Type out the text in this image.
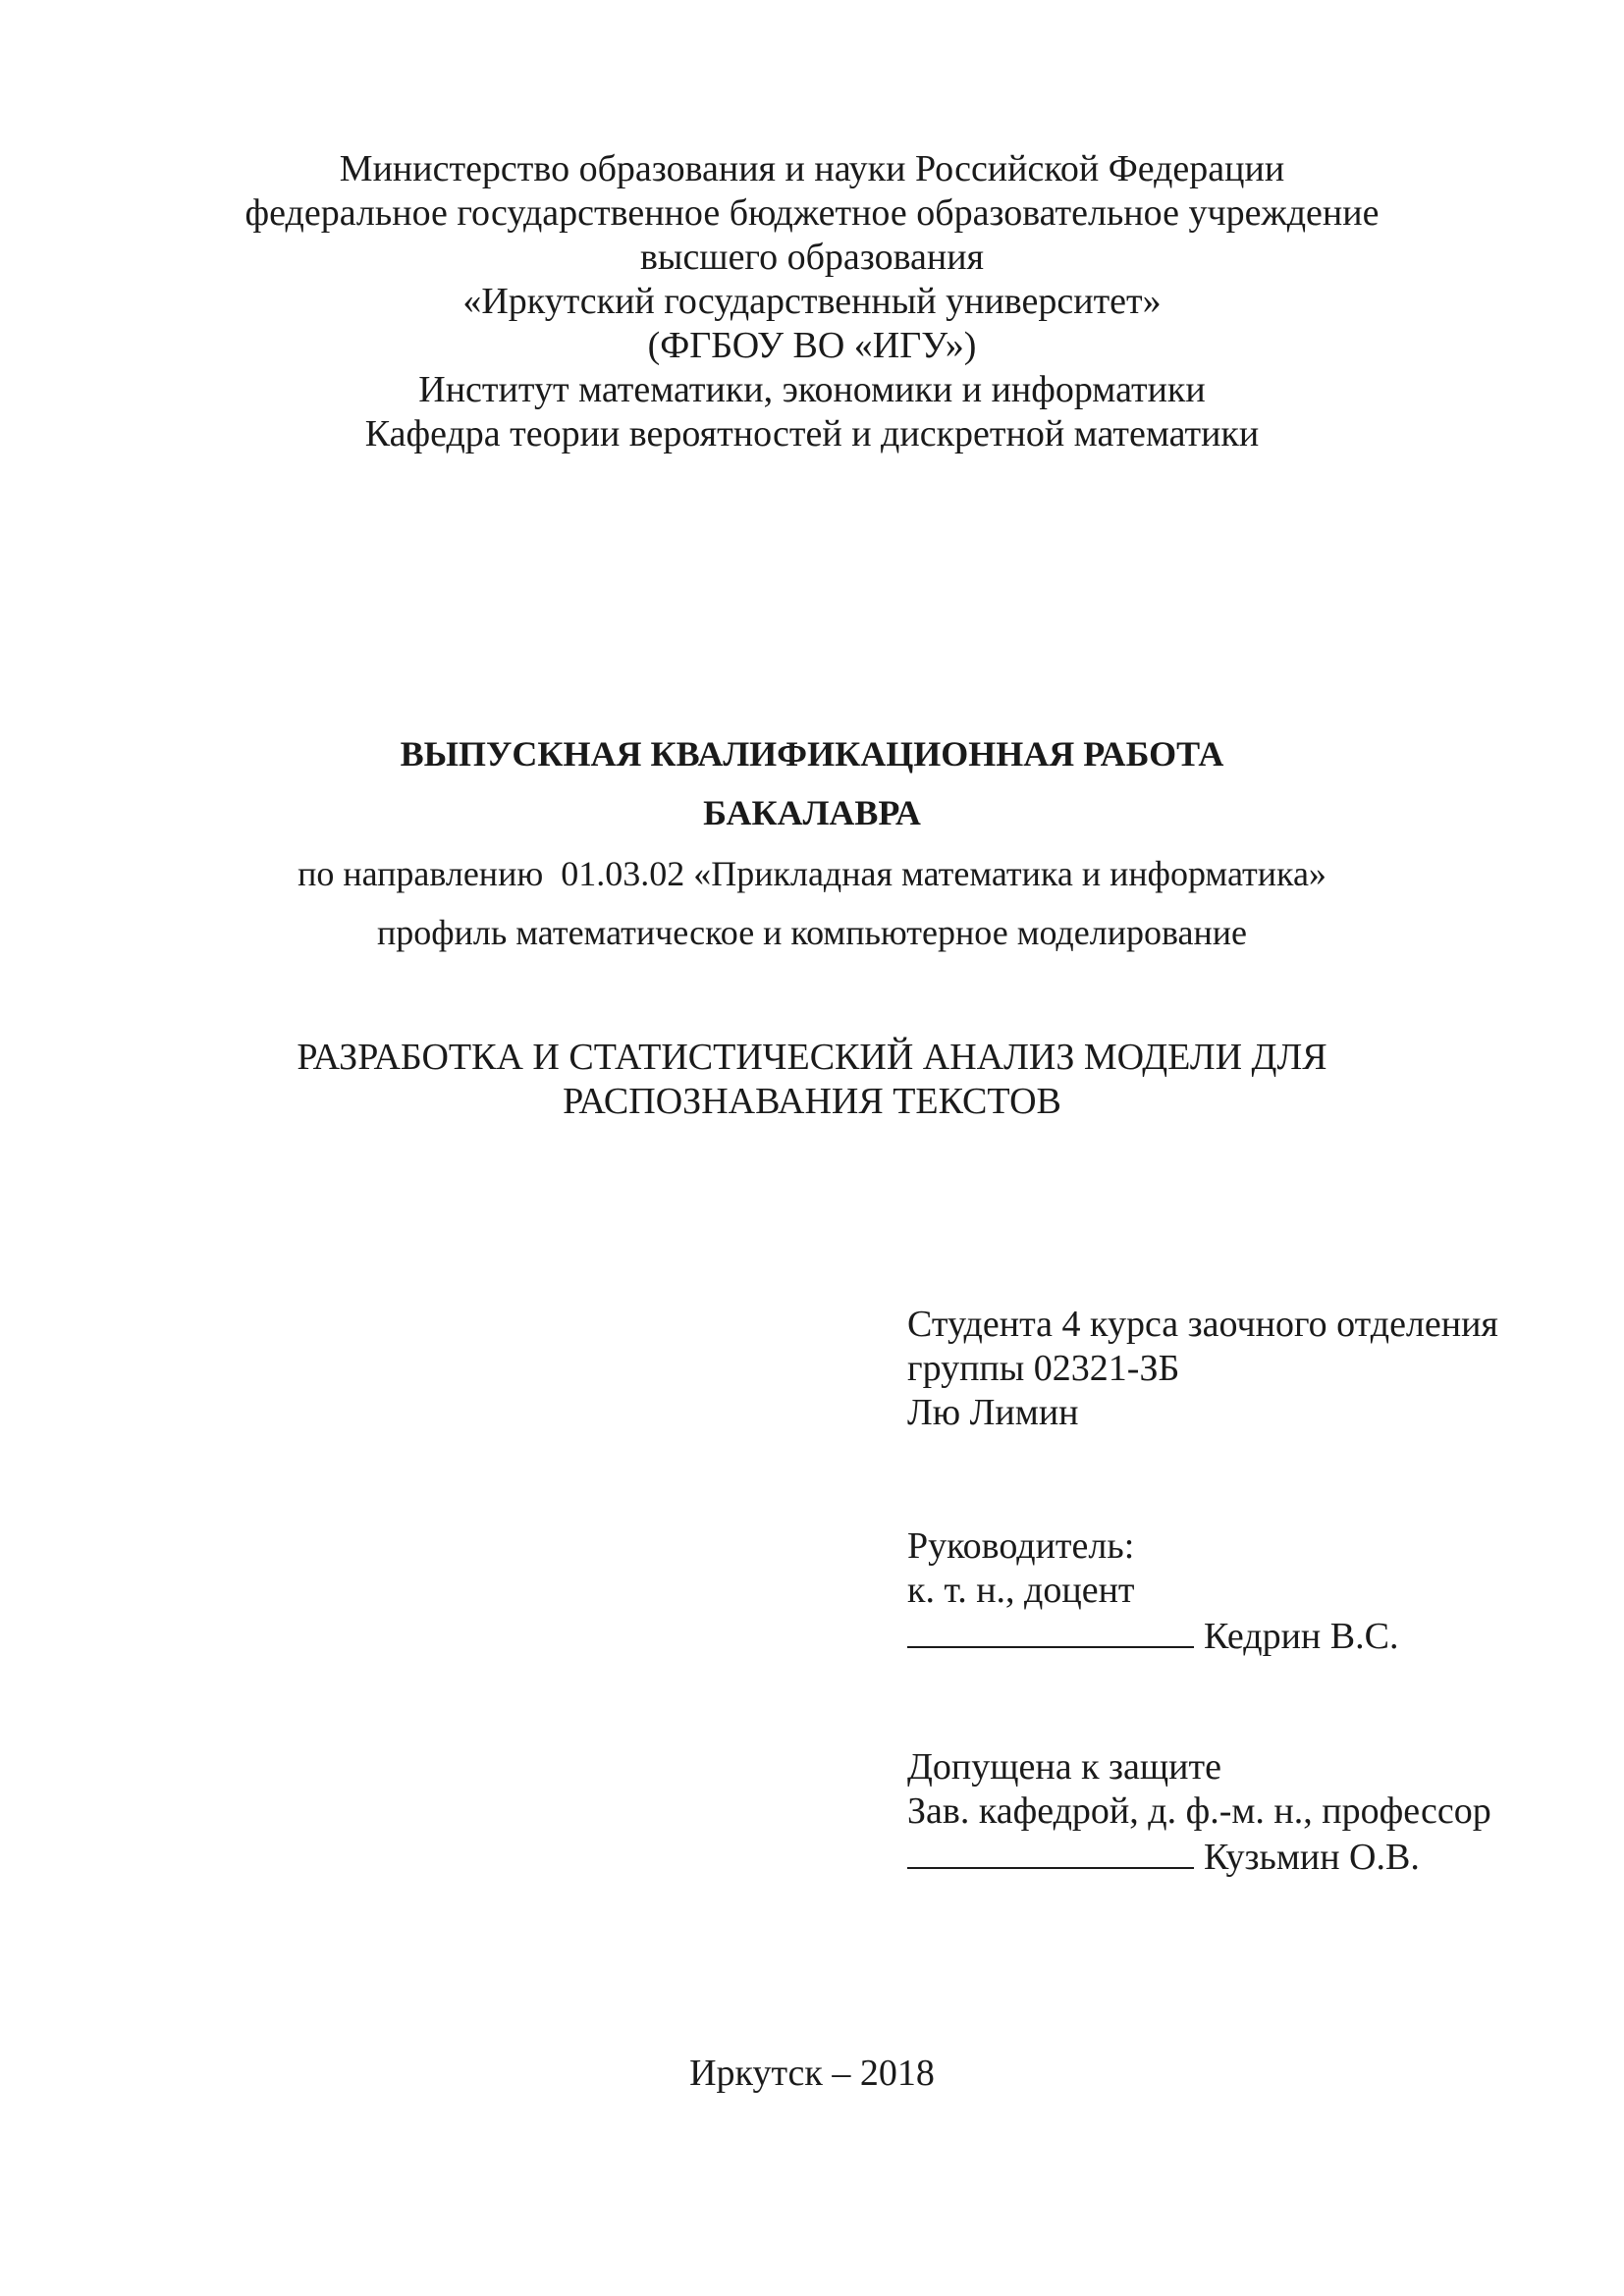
Министерство образования и науки Российской Федерации
федеральное государственное бюджетное образовательное учреждение
высшего образования
«Иркутский государственный университет»
(ФГБОУ ВО «ИГУ»)
Институт математики, экономики и информатики
Кафедра теории вероятностей и дискретной математики
ВЫПУСКНАЯ КВАЛИФИКАЦИОННАЯ РАБОТА
БАКАЛАВРА
по направлению  01.03.02 «Прикладная математика и информатика»
профиль математическое и компьютерное моделирование
РАЗРАБОТКА И СТАТИСТИЧЕСКИЙ АНАЛИЗ МОДЕЛИ ДЛЯ
РАСПОЗНАВАНИЯ ТЕКСТОВ
Студента 4 курса заочного отделения
группы 02321-ЗБ
Лю Лимин
Руководитель:
к. т. н., доцент
Кедрин В.С.
Допущена к защите
Зав. кафедрой, д. ф.-м. н., профессор
Кузьмин О.В.
Иркутск – 2018
